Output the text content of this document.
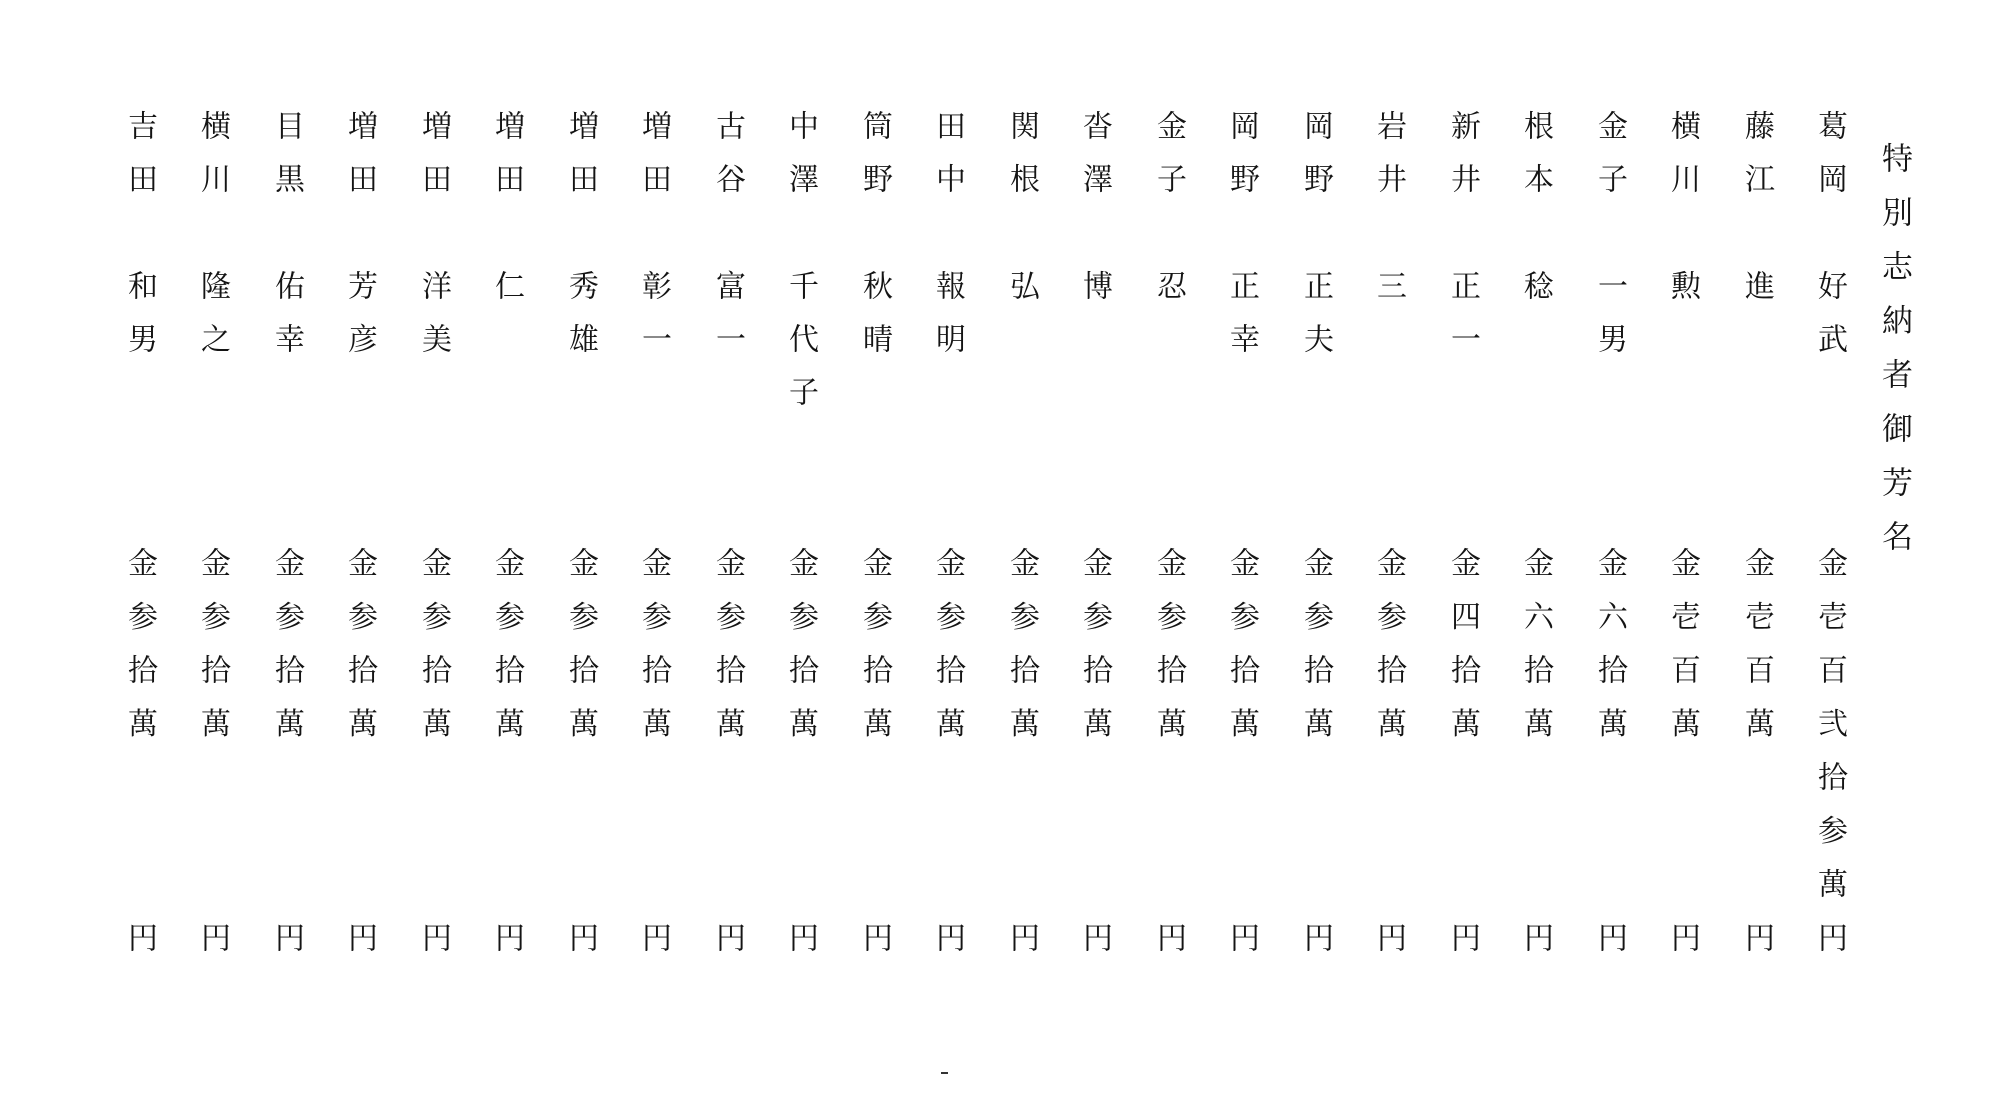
特別志納者御芳名
葛岡
好武
金壱百弐拾参萬
円
藤江
進
金壱百萬
円
横川
勲
金壱百萬
円
金子
一男
金六拾萬
円
根本
稔
金六拾萬
円
新井
正一
金四拾萬
円
岩井
三
金参拾萬
円
岡野
正夫
金参拾萬
円
岡野
正幸
金参拾萬
円
金子
忍
金参拾萬
円
沓澤
博
金参拾萬
円
関根
弘
金参拾萬
円
田中
報明
金参拾萬
円
筒野
秋晴
金参拾萬
円
中澤
千代子
金参拾萬
円
古谷
富一
金参拾萬
円
増田
彰一
金参拾萬
円
増田
秀雄
金参拾萬
円
増田
仁
金参拾萬
円
増田
洋美
金参拾萬
円
増田
芳彦
金参拾萬
円
目黒
佑幸
金参拾萬
円
横川
隆之
金参拾萬
円
吉田
和男
金参拾萬
円
